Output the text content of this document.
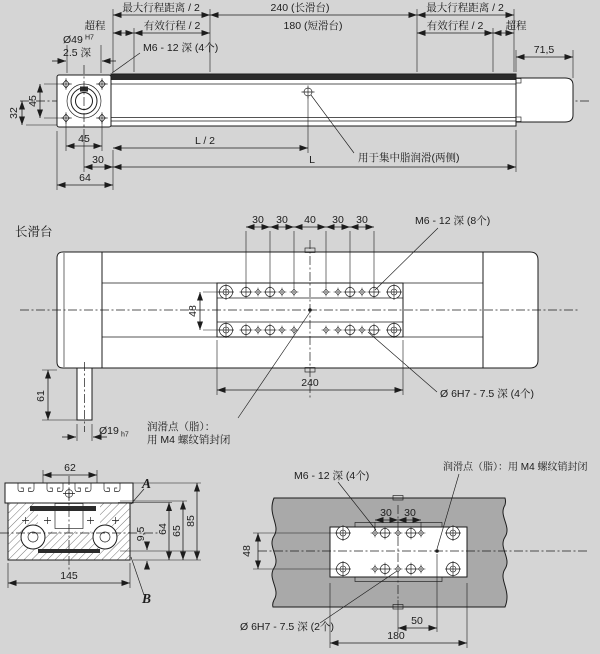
最大行程距离 / 2	240 (长滑台)	最大行程距离 / 2
超程	有效行程 / 2	180 (短滑台)	有效行程 / 2 超程
71,5
Ø49 H7
2.5 深	M6 - 12 深 (4个)
45
32
45
30
64
L / 2
L	用于集中脂润滑(两侧)
长滑台
30 30 40 30 30	M6 - 12 深 (8个)
48
240
61
Ø19 h7
润滑点（脂）：
用 M4 螺纹销封闭
Ø 6H7 - 7.5 深 (4个)
62
145
A
B
9,5 64 65
85
M6 - 12 深 (4个)
润滑点（脂）：用 M4 螺纹销封闭
30 30
48
50
180
Ø 6H7 - 7.5 深 (2个)
